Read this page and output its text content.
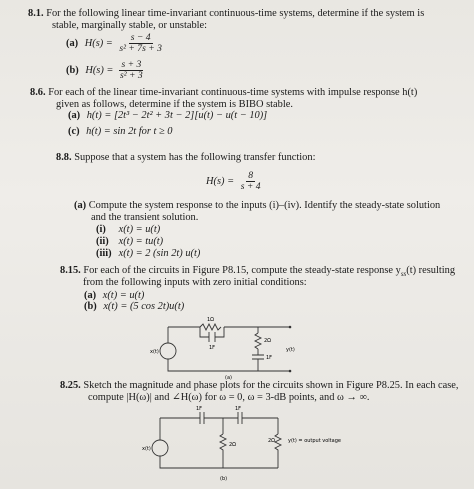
8.1. For the following linear time-invariant continuous-time systems, determine if the system is
stable, marginally stable, or unstable:
(a) $H(s) = \frac{s - 4}{\text{s² + 7s + 3}}$
(b) $H(s) = \frac{s + 3}{\text{s² + 3}}$
8.6. For each of the linear time-invariant continuous-time systems with impulse response h(t)
given as follows, determine if the system is BIBO stable.
(a) h(t) = [2t³ − 2t² + 3t − 2][u(t) − u(t − 10)]
(c) h(t) = sin 2t for t ≥ 0
8.8. Suppose that a system has the following transfer function:
$H(s) = \frac{8}{s + 4}$
(a) Compute the system response to the inputs (i)–(iv). Identify the steady-state solution
and the transient solution.
(i) x(t) = u(t)
(ii) x(t) = tu(t)
(iii) x(t) = 2 (sin 2t) u(t)
8.15. For each of the circuits in Figure P8.15, compute the steady-state response $y_{ss}(t)$ resulting
from the following inputs with zero initial conditions:
(a) x(t) = u(t)
(b) x(t) = (5 cos 2t)u(t)
1Ω
1F
2Ω
1F
x(t)	y(t)
(a)
8.25. Sketch the magnitude and phase plots for the circuits shown in Figure P8.25. In each case,
compute |H(ω)| and ∠H(ω) for ω = 0, ω = 3-dB points, and ω → ∞.
1F	1F
2Ω
2Ω
x(t)
y(t) = output voltage
(b)
